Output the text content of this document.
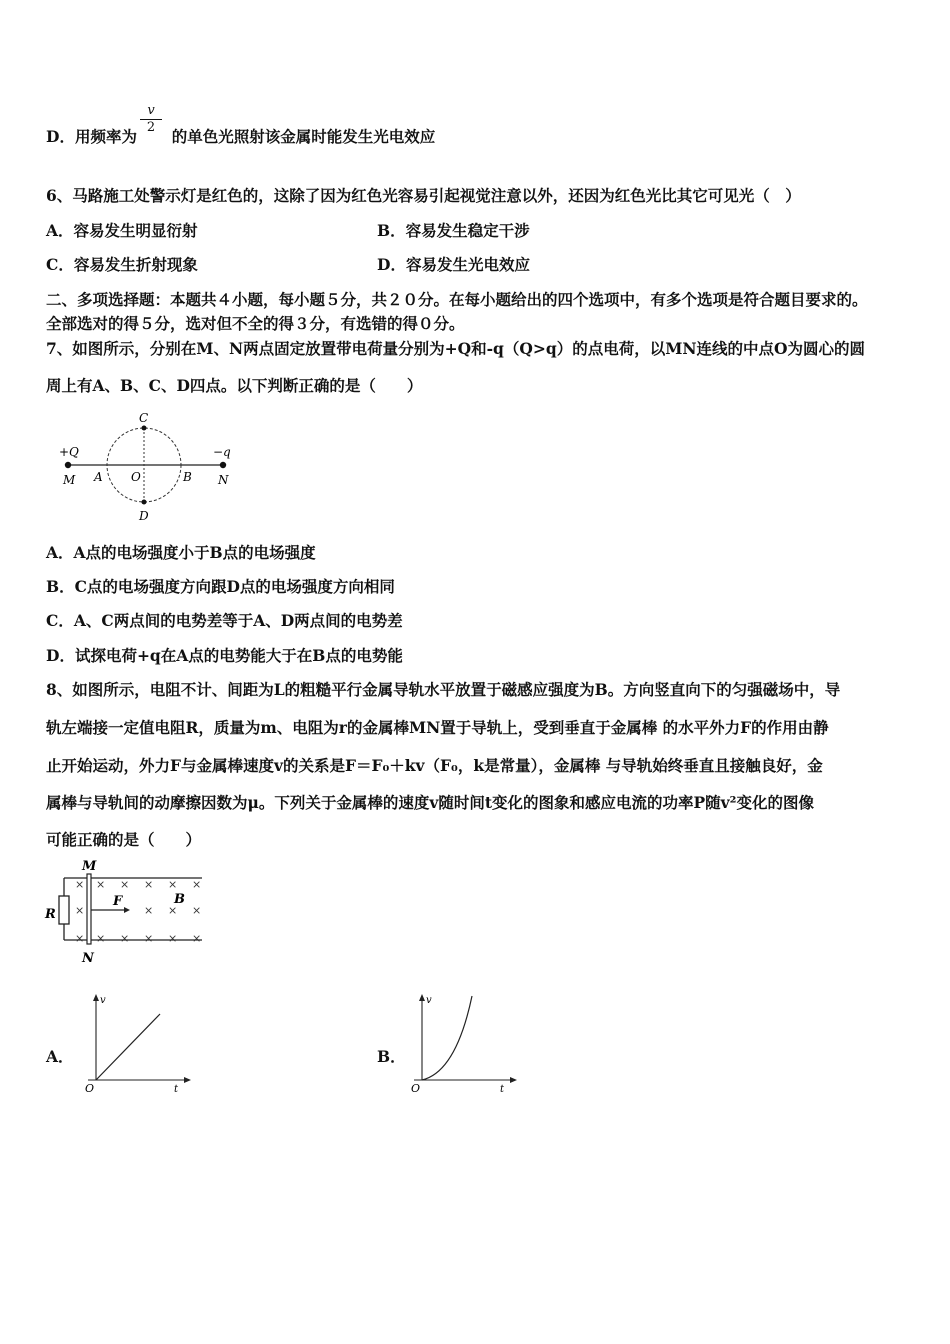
D．用频率为 的单色光照射该金属时能发生光电效应
$\frac{v}{2}$
6、马路施工处警示灯是红色的，这除了因为红色光容易引起视觉注意以外，还因为红色光比其它可见光（　）
A．容易发生明显衍射	B．容易发生稳定干涉
C．容易发生折射现象	D．容易发生光电效应
二、多项选择题：本题共４小题，每小题５分，共２０分。在每小题给出的四个选项中，有多个选项是符合题目要求的。
全部选对的得５分，选对但不全的得３分，有选错的得０分。
7、如图所示，分别在M、N两点固定放置带电荷量分别为+Q和-q（Q>q）的点电荷，以MN连线的中点O为圆心的圆
周上有A、B、C、D四点。以下判断正确的是（　　）
+Q	−q
M	N
A O	B
C
D
A．A点的电场强度小于B点的电场强度
B．C点的电场强度方向跟D点的电场强度方向相同
C．A、C两点间的电势差等于A、D两点间的电势差
D．试探电荷+q在A点的电势能大于在B点的电势能
8、如图所示，电阻不计、间距为L的粗糙平行金属导轨水平放置于磁感应强度为B。方向竖直向下的匀强磁场中，导
轨左端接一定值电阻R，质量为m、电阻为r的金属棒MN置于导轨上，受到垂直于金属棒 的水平外力F的作用由静
止开始运动，外力F与金属棒速度v的关系是F＝F₀＋kv（F₀，k是常量），金属棒 与导轨始终垂直且接触良好，金
属棒与导轨间的动摩擦因数为μ。下列关于金属棒的速度v随时间t变化的图象和感应电流的功率P随v²变化的图像
可能正确的是（　　）
× × × × × ×
×	× × ×
× × × × × ×
M
N
R
F	B
A．
v
t
O
B．
v
t
O
